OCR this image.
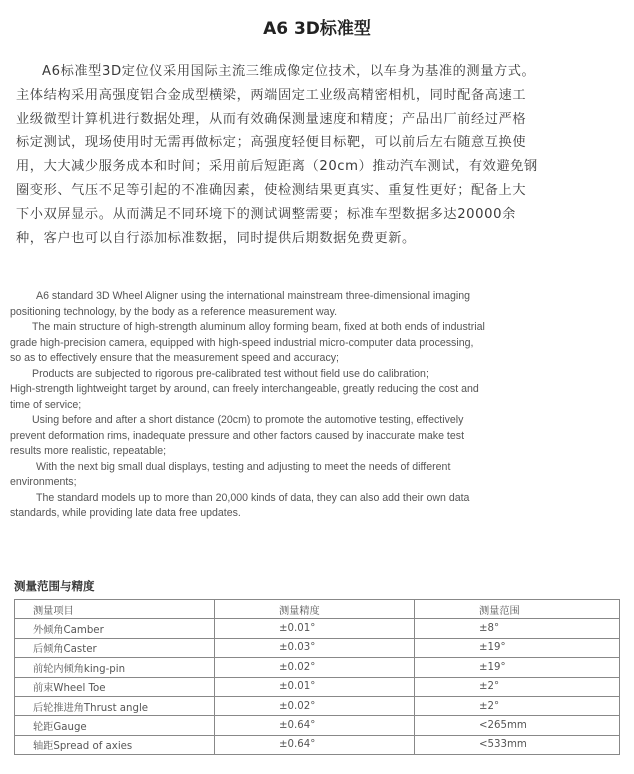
A6 3D标准型
A6标准型3D定位仪采用国际主流三维成像定位技术，以车身为基准的测量方式。
主体结构采用高强度铝合金成型横梁，两端固定工业级高精密相机，同时配备高速工
业级微型计算机进行数据处理，从而有效确保测量速度和精度；产品出厂前经过严格
标定测试，现场使用时无需再做标定；高强度轻便目标靶，可以前后左右随意互换使
用，大大减少服务成本和时间；采用前后短距离（20cm）推动汽车测试，有效避免钢
圈变形、气压不足等引起的不准确因素，使检测结果更真实、重复性更好；配备上大
下小双屏显示。从而满足不同环境下的测试调整需要；标准车型数据多达20000余
种，客户也可以自行添加标准数据，同时提供后期数据免费更新。
A6 standard 3D Wheel Aligner using the international mainstream three-dimensional imaging
positioning technology, by the body as a reference measurement way.
The main structure of high-strength aluminum alloy forming beam, fixed at both ends of industrial
grade high-precision camera, equipped with high-speed industrial micro-computer data processing,
so as to effectively ensure that the measurement speed and accuracy;
Products are subjected to rigorous pre-calibrated test without field use do calibration;
High-strength lightweight target by around, can freely interchangeable, greatly reducing the cost and
time of service;
Using before and after a short distance (20cm) to promote the automotive testing, effectively
prevent deformation rims, inadequate pressure and other factors caused by inaccurate make test
results more realistic, repeatable;
With the next big small dual displays, testing and adjusting to meet the needs of different
environments;
The standard models up to more than 20,000 kinds of data, they can also add their own data
standards, while providing late data free updates.
测量范围与精度
测量项目	测量精度	测量范围
外倾角Camber	±0.01°	±8°
后倾角Caster	±0.03°	±19°
前轮内倾角king-pin	±0.02°	±19°
前束Wheel Toe	±0.01°	±2°
后轮推进角Thrust angle	±0.02°	±2°
轮距Gauge	±0.64°	<265mm
轴距Spread of axies	±0.64°	<533mm
